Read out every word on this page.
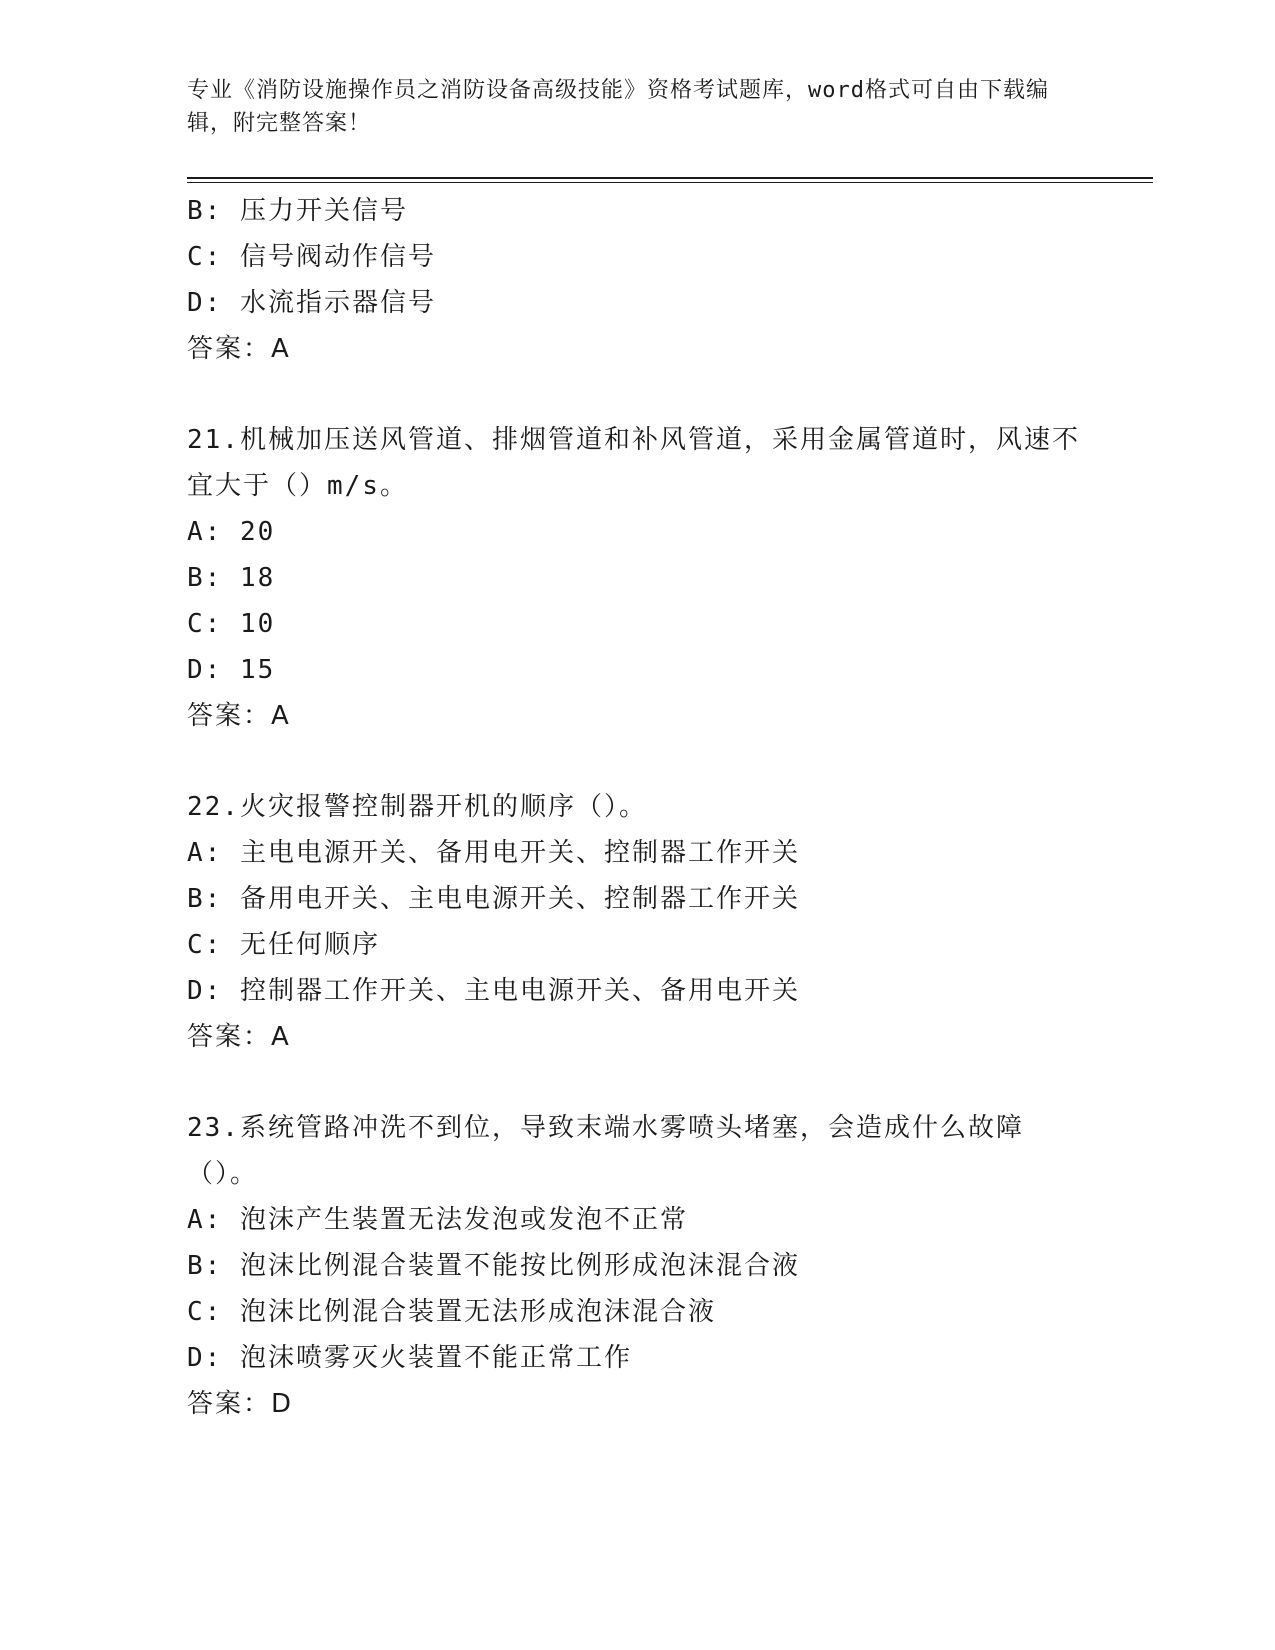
专业《消防设施操作员之消防设备高级技能》资格考试题库，word格式可自由下载编辑，附完整答案！
B: 压力开关信号
C: 信号阀动作信号
D: 水流指示器信号
答案：A
21.机械加压送风管道、排烟管道和补风管道，采用金属管道时，风速不宜大于（）m/s。
A: 20
B: 18
C: 10
D: 15
答案：A
22.火灾报警控制器开机的顺序（）。
A: 主电电源开关、备用电开关、控制器工作开关
B: 备用电开关、主电电源开关、控制器工作开关
C: 无任何顺序
D: 控制器工作开关、主电电源开关、备用电开关
答案：A
23.系统管路冲洗不到位，导致末端水雾喷头堵塞，会造成什么故障（）。
A: 泡沫产生装置无法发泡或发泡不正常
B: 泡沫比例混合装置不能按比例形成泡沫混合液
C: 泡沫比例混合装置无法形成泡沫混合液
D: 泡沫喷雾灭火装置不能正常工作
答案：D
